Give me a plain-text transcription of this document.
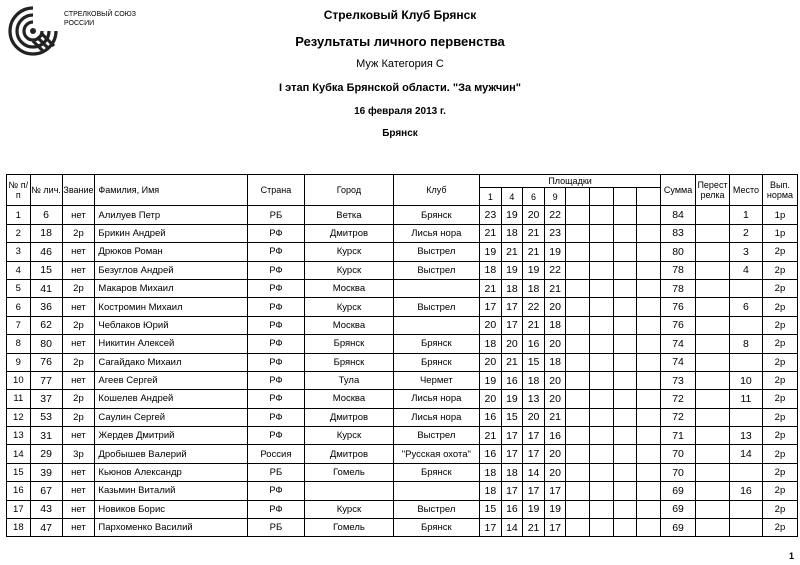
СТРЕЛКОВЫЙ СОЮЗ РОССИИ
Стрелковый Клуб Брянск
Результаты личного первенства
Муж Категория С
I этап Кубка Брянской области. "За мужчин"
16 февраля 2013 г.
Брянск
№ п/п	№ лич.	Звание	Фамилия, Имя	Страна	Город	Клуб	Площадки								Сумма	Перест релка	Место	Вып. норма
							1	4	6	9								
1	6	нет	Алилуев Петр	РБ	Ветка	Брянск	23	19	20	22					84		1	1р
2	18	2р	Брикин Андрей	РФ	Дмитров	Лисья нора	21	18	21	23					83		2	1р
3	46	нет	Дрюков Роман	РФ	Курск	Выстрел	19	21	21	19					80		3	2р
4	15	нет	Безуглов Андрей	РФ	Курск	Выстрел	18	19	19	22					78		4	2р
5	41	2р	Макаров Михаил	РФ	Москва		21	18	18	21					78			2р
6	36	нет	Костромин Михаил	РФ	Курск	Выстрел	17	17	22	20					76		6	2р
7	62	2р	Чеблаков Юрий	РФ	Москва		20	17	21	18					76			2р
8	80	нет	Никитин Алексей	РФ	Брянск	Брянск	18	20	16	20					74		8	2р
9	76	2р	Сагайдако Михаил	РФ	Брянск	Брянск	20	21	15	18					74			2р
10	77	нет	Агеев Сергей	РФ	Тула	Чермет	19	16	18	20					73		10	2р
11	37	2р	Кошелев Андрей	РФ	Москва	Лисья нора	20	19	13	20					72		11	2р
12	53	2р	Саулин Сергей	РФ	Дмитров	Лисья нора	16	15	20	21					72			2р
13	31	нет	Жердев Дмитрий	РФ	Курск	Выстрел	21	17	17	16					71		13	2р
14	29	3р	Дробышев Валерий	Россия	Дмитров	"Русская охота"	16	17	17	20					70		14	2р
15	39	нет	Кьюнов Александр	РБ	Гомель	Брянск	18	18	14	20					70			2р
16	67	нет	Казьмин Виталий	РФ			18	17	17	17					69		16	2р
17	43	нет	Новиков Борис	РФ	Курск	Выстрел	15	16	19	19					69			2р
18	47	нет	Пархоменко Василий	РБ	Гомель	Брянск	17	14	21	17					69			2р
1
